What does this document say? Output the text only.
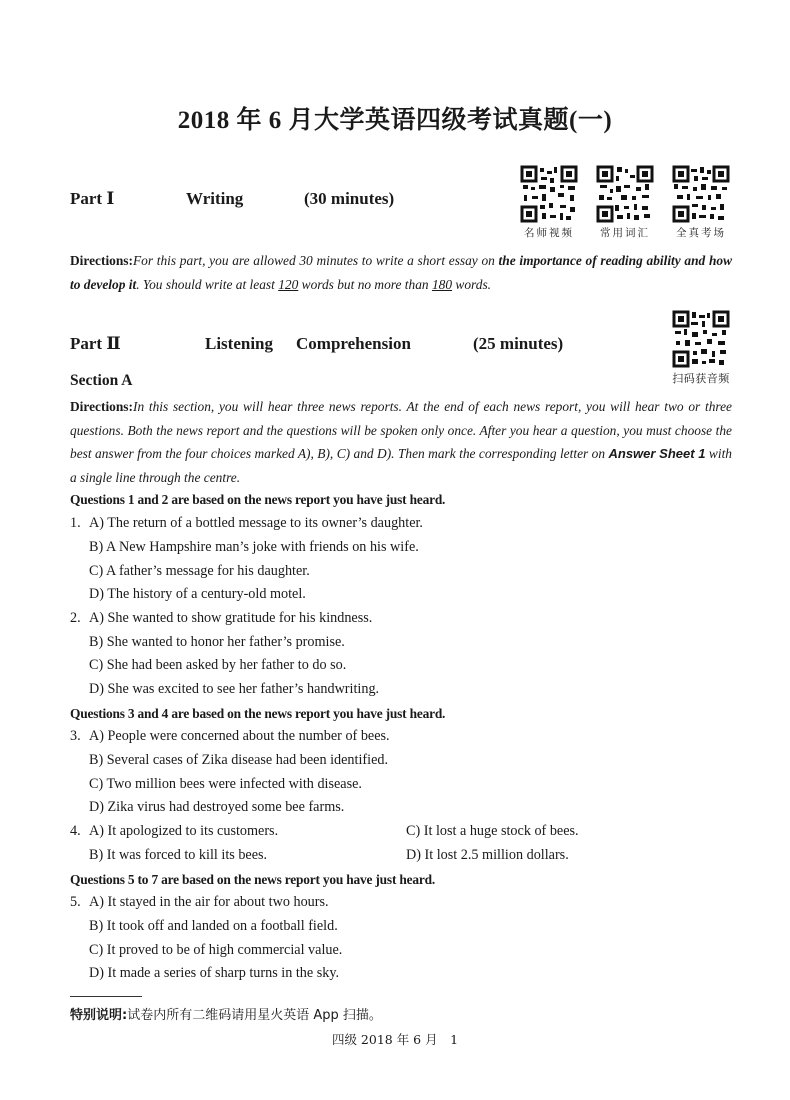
2018 年 6 月大学英语四级考试真题(一)
Part Ⅰ	Writing	(30 minutes)
名师视频	常用词汇	全真考场
Directions:For this part, you are allowed 30 minutes to write a short essay on the importance of reading ability and how to develop it. You should write at least 120 words but no more than 180 words.
Part Ⅱ	Listening Comprehension	(25 minutes)
扫码获音频
Section A
Directions:In this section, you will hear three news reports. At the end of each news report, you will hear two or three questions. Both the news report and the questions will be spoken only once. After you hear a question, you must choose the best answer from the four choices marked A), B), C) and D). Then mark the corresponding letter on Answer Sheet 1 with a single line through the centre.
Questions 1 and 2 are based on the news report you have just heard.
1. A) The return of a bottled message to its owner’s daughter.
B) A New Hampshire man’s joke with friends on his wife.
C) A father’s message for his daughter.
D) The history of a century-old motel.
2. A) She wanted to show gratitude for his kindness.
B) She wanted to honor her father’s promise.
C) She had been asked by her father to do so.
D) She was excited to see her father’s handwriting.
Questions 3 and 4 are based on the news report you have just heard.
3. A) People were concerned about the number of bees.
B) Several cases of Zika disease had been identified.
C) Two million bees were infected with disease.
D) Zika virus had destroyed some bee farms.
4. A) It apologized to its customers.	C) It lost a huge stock of bees.
B) It was forced to kill its bees.	D) It lost 2.5 million dollars.
Questions 5 to 7 are based on the news report you have just heard.
5. A) It stayed in the air for about two hours.
B) It took off and landed on a football field.
C) It proved to be of high commercial value.
D) It made a series of sharp turns in the sky.
特别说明:试卷内所有二维码请用星火英语 App 扫描。
四级 2018 年 6 月　1
